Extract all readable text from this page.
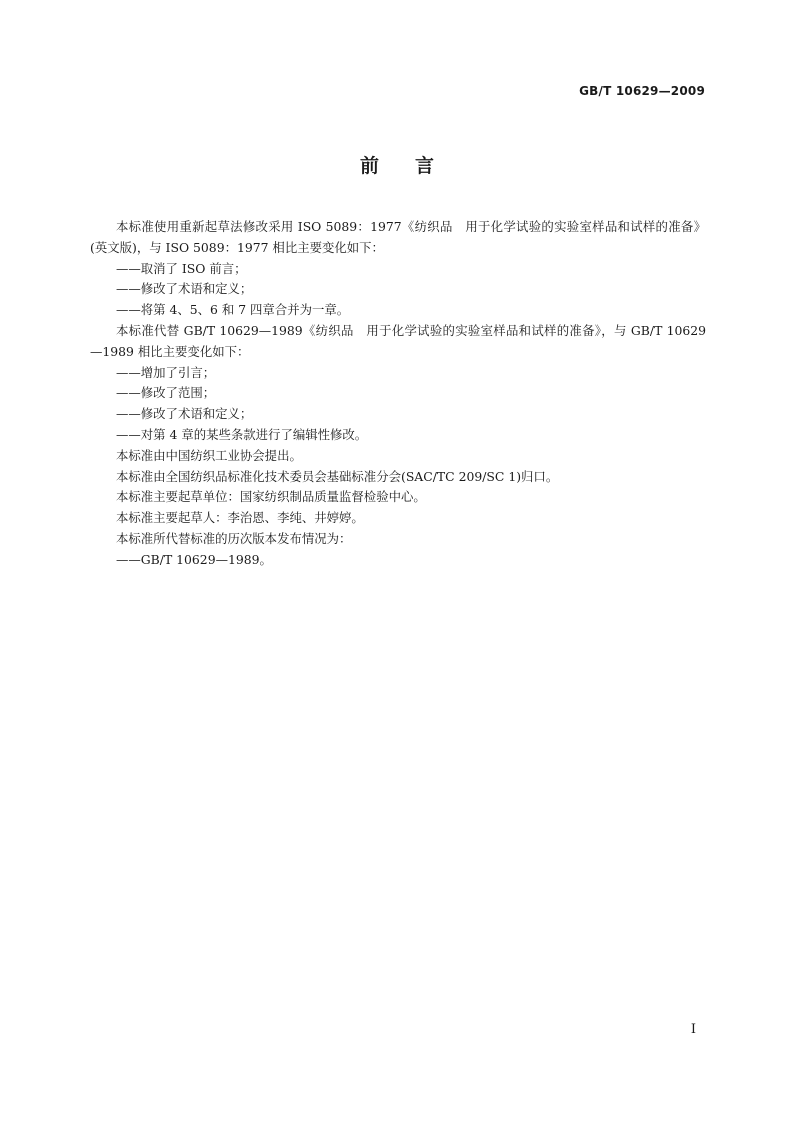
GB/T 10629—2009
前言

本标准使用重新起草法修改采用 ISO 5089：1977《纺织品　用于化学试验的实验室样品和试样的准备》(英文版)，与 ISO 5089：1977 相比主要变化如下：

——取消了 ISO 前言；

——修改了术语和定义；

——将第 4、5、6 和 7 四章合并为一章。

本标准代替 GB/T 10629—1989《纺织品　用于化学试验的实验室样品和试样的准备》，与 GB/T 10629—1989 相比主要变化如下：

——增加了引言；

——修改了范围；

——修改了术语和定义；

——对第 4 章的某些条款进行了编辑性修改。

本标准由中国纺织工业协会提出。

本标准由全国纺织品标准化技术委员会基础标准分会(SAC/TC 209/SC 1)归口。

本标准主要起草单位：国家纺织制品质量监督检验中心。

本标准主要起草人：李治恩、李纯、井婷婷。

本标准所代替标准的历次版本发布情况为：

——GB/T 10629—1989。

I
